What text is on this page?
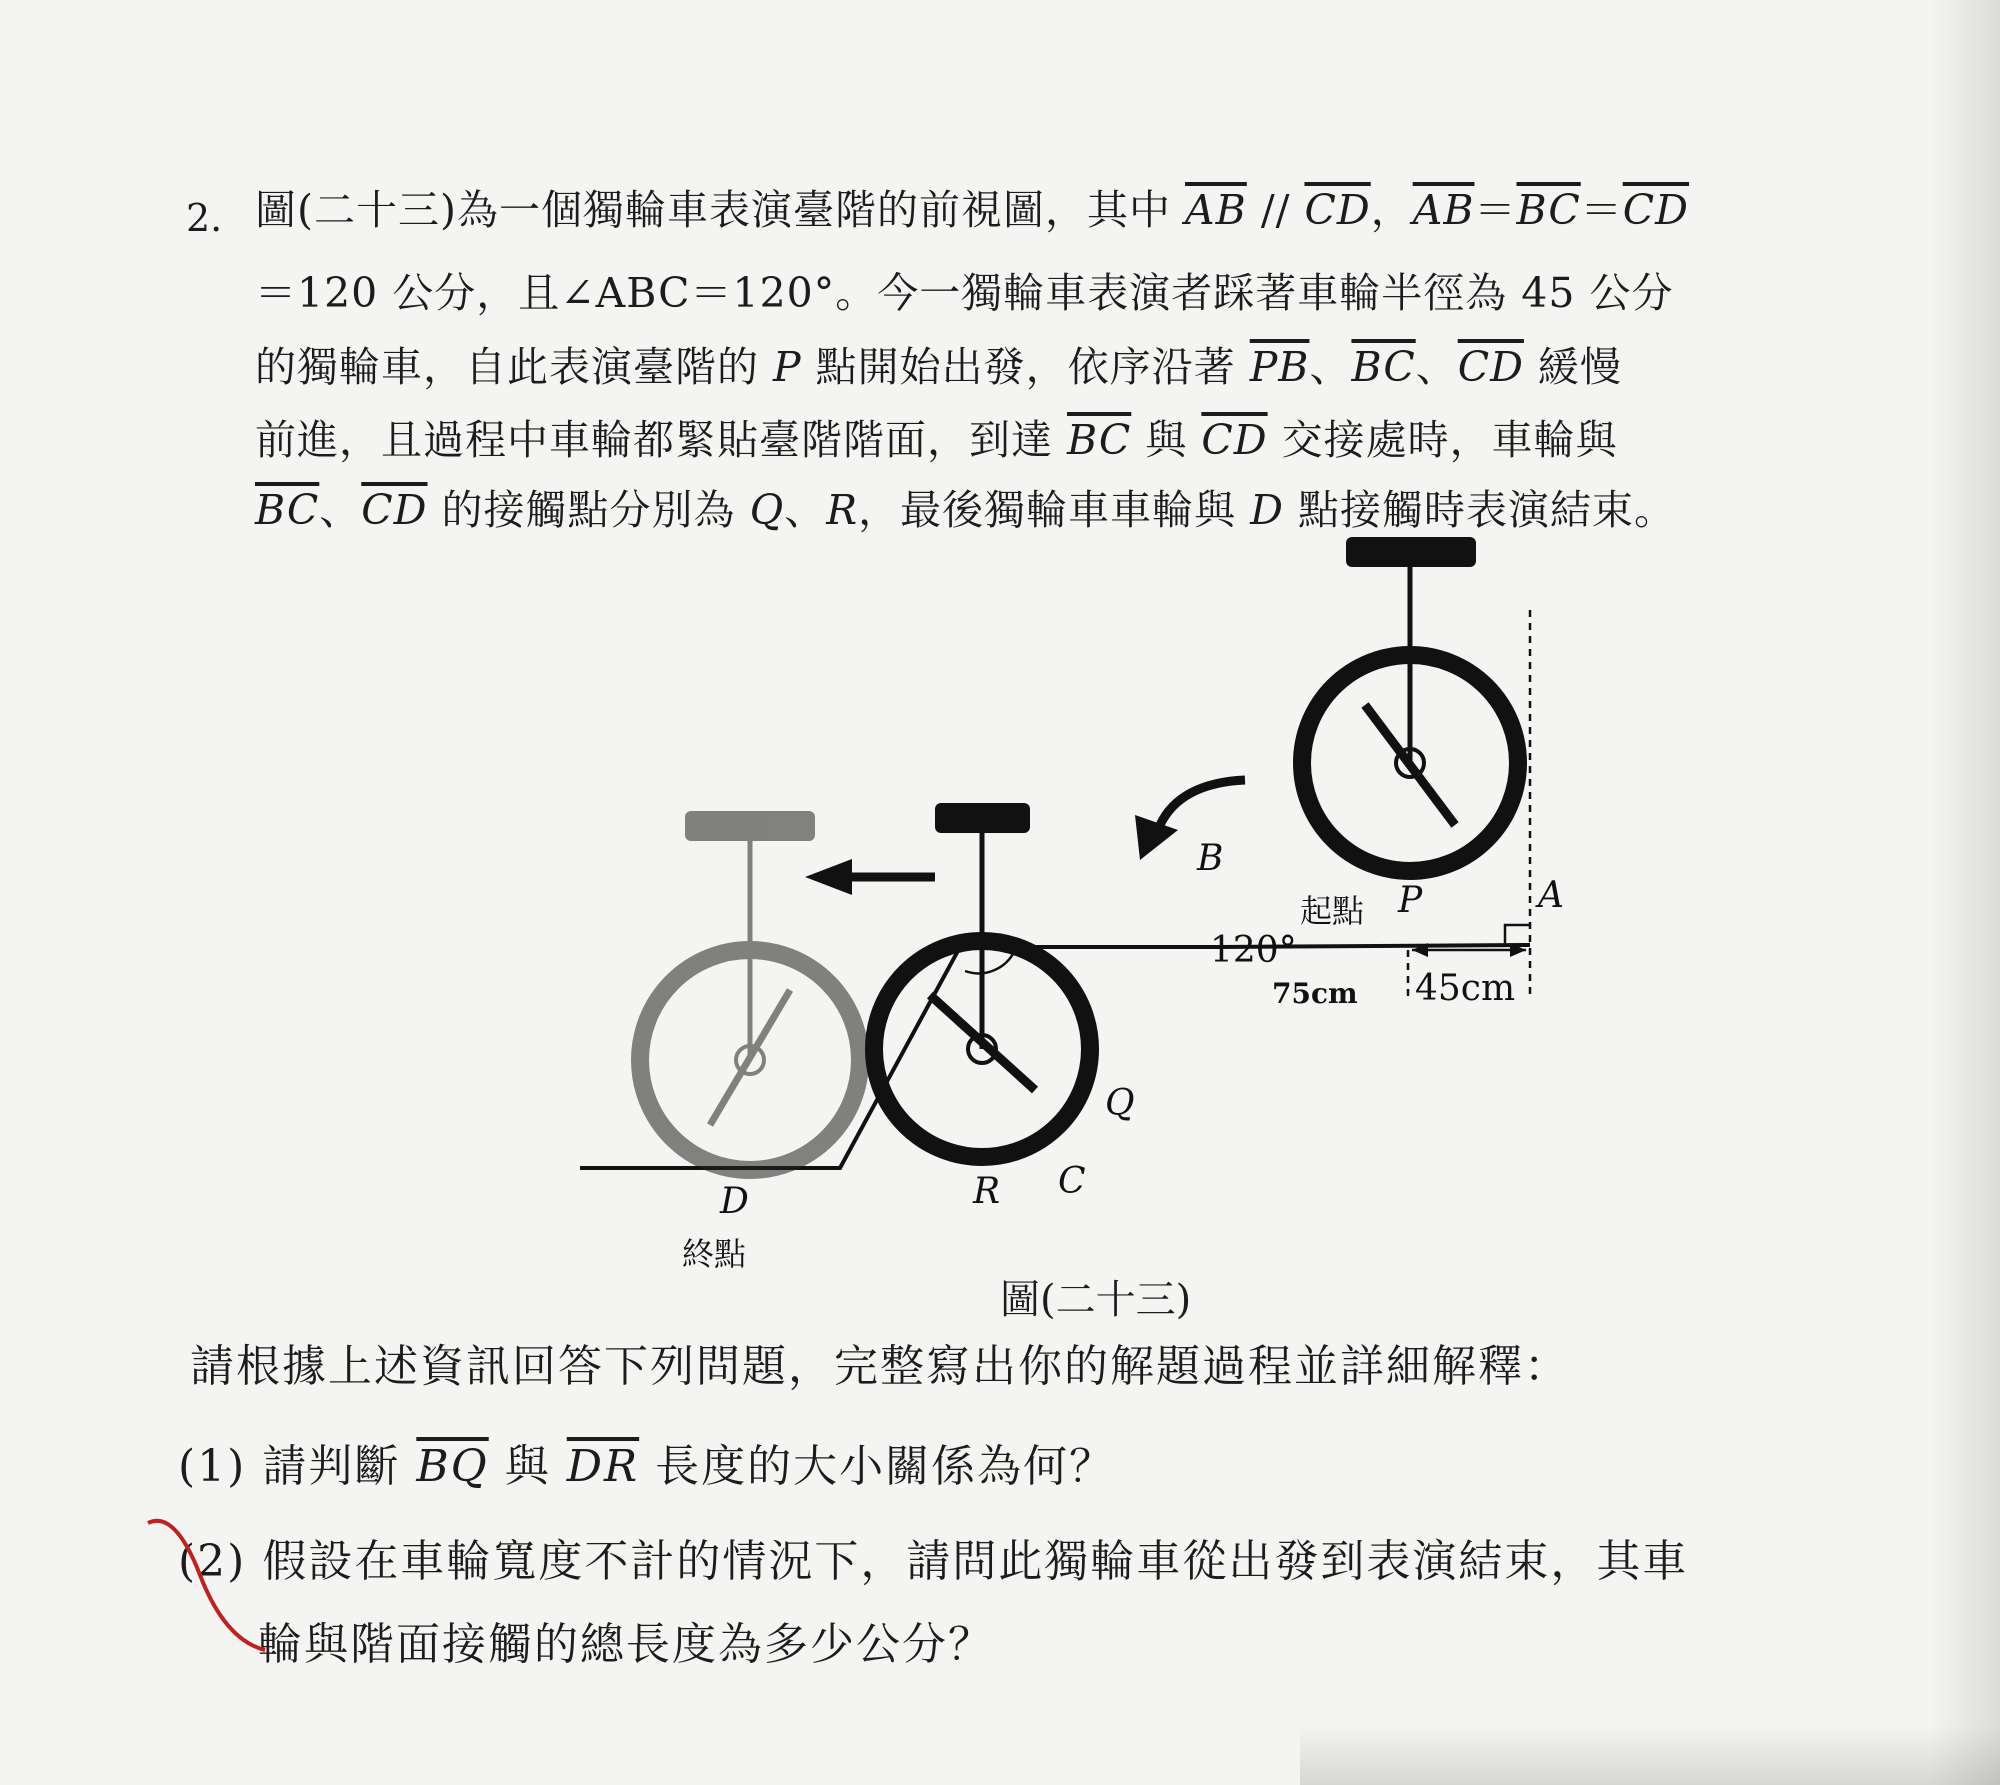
2. 圖(二十三)為一個獨輪車表演臺階的前視圖，其中 $\overline{AB} // \overline{CD}$，$\overline{AB}=\overline{BC}=\overline{CD}$
＝120 公分，且∠ABC＝120°。今一獨輪車表演者踩著車輪半徑為 45 公分
的獨輪車，自此表演臺階的 P 點開始出發，依序沿著 $\overline{PB}$、$\overline{BC}$、$\overline{CD}$ 緩慢
前進，且過程中車輪都緊貼臺階階面，到達 $\overline{BC}$ 與 $\overline{CD}$ 交接處時，車輪與
$\overline{BC}$、$\overline{CD}$ 的接觸點分別為 Q、R，最後獨輪車車輪與 D 點接觸時表演結束。
B
A
起點 P
120°
75cm 45cm
Q
C
R
D
終點
圖(二十三)
請根據上述資訊回答下列問題，完整寫出你的解題過程並詳細解釋：
(1) 請判斷 $\overline{BQ}$ 與 $\overline{DR}$ 長度的大小關係為何？
(2) 假設在車輪寬度不計的情況下，請問此獨輪車從出發到表演結束，其車
輪與階面接觸的總長度為多少公分？
